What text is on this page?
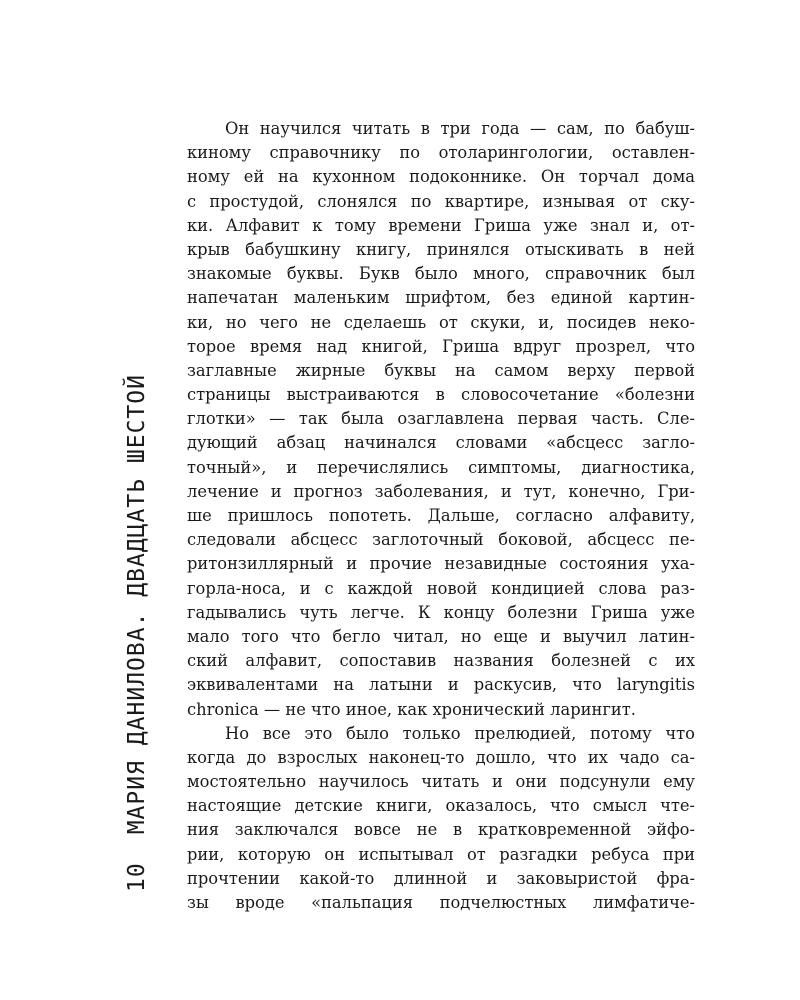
10
МАРИЯ ДАНИЛОВА. ДВАДЦАТЬ ШЕСТОЙ
Он научился читать в три года — сам, по бабуш-
киному справочнику по отоларингологии, оставлен-
ному ей на кухонном подоконнике. Он торчал дома
с простудой, слонялся по квартире, изнывая от ску-
ки. Алфавит к тому времени Гриша уже знал и, от-
крыв бабушкину книгу, принялся отыскивать в ней
знакомые буквы. Букв было много, справочник был
напечатан маленьким шрифтом, без единой картин-
ки, но чего не сделаешь от скуки, и, посидев неко-
торое время над книгой, Гриша вдруг прозрел, что
заглавные жирные буквы на самом верху первой
страницы выстраиваются в словосочетание «болезни
глотки» — так была озаглавлена первая часть. Сле-
дующий абзац начинался словами «абсцесс загло-
точный», и перечислялись симптомы, диагностика,
лечение и прогноз заболевания, и тут, конечно, Гри-
ше пришлось попотеть. Дальше, согласно алфавиту,
следовали абсцесс заглоточный боковой, абсцесс пе-
ритонзиллярный и прочие незавидные состояния уха-
горла-носа, и с каждой новой кондицией слова раз-
гадывались чуть легче. К концу болезни Гриша уже
мало того что бегло читал, но еще и выучил латин-
ский алфавит, сопоставив названия болезней с их
эквивалентами на латыни и раскусив, что laryngitis
chronica — не что иное, как хронический ларингит.
Но все это было только прелюдией, потому что
когда до взрослых наконец-то дошло, что их чадо са-
мостоятельно научилось читать и они подсунули ему
настоящие детские книги, оказалось, что смысл чте-
ния заключался вовсе не в кратковременной эйфо-
рии, которую он испытывал от разгадки ребуса при
прочтении какой-то длинной и заковыристой фра-
зы вроде «пальпация подчелюстных лимфатиче-
